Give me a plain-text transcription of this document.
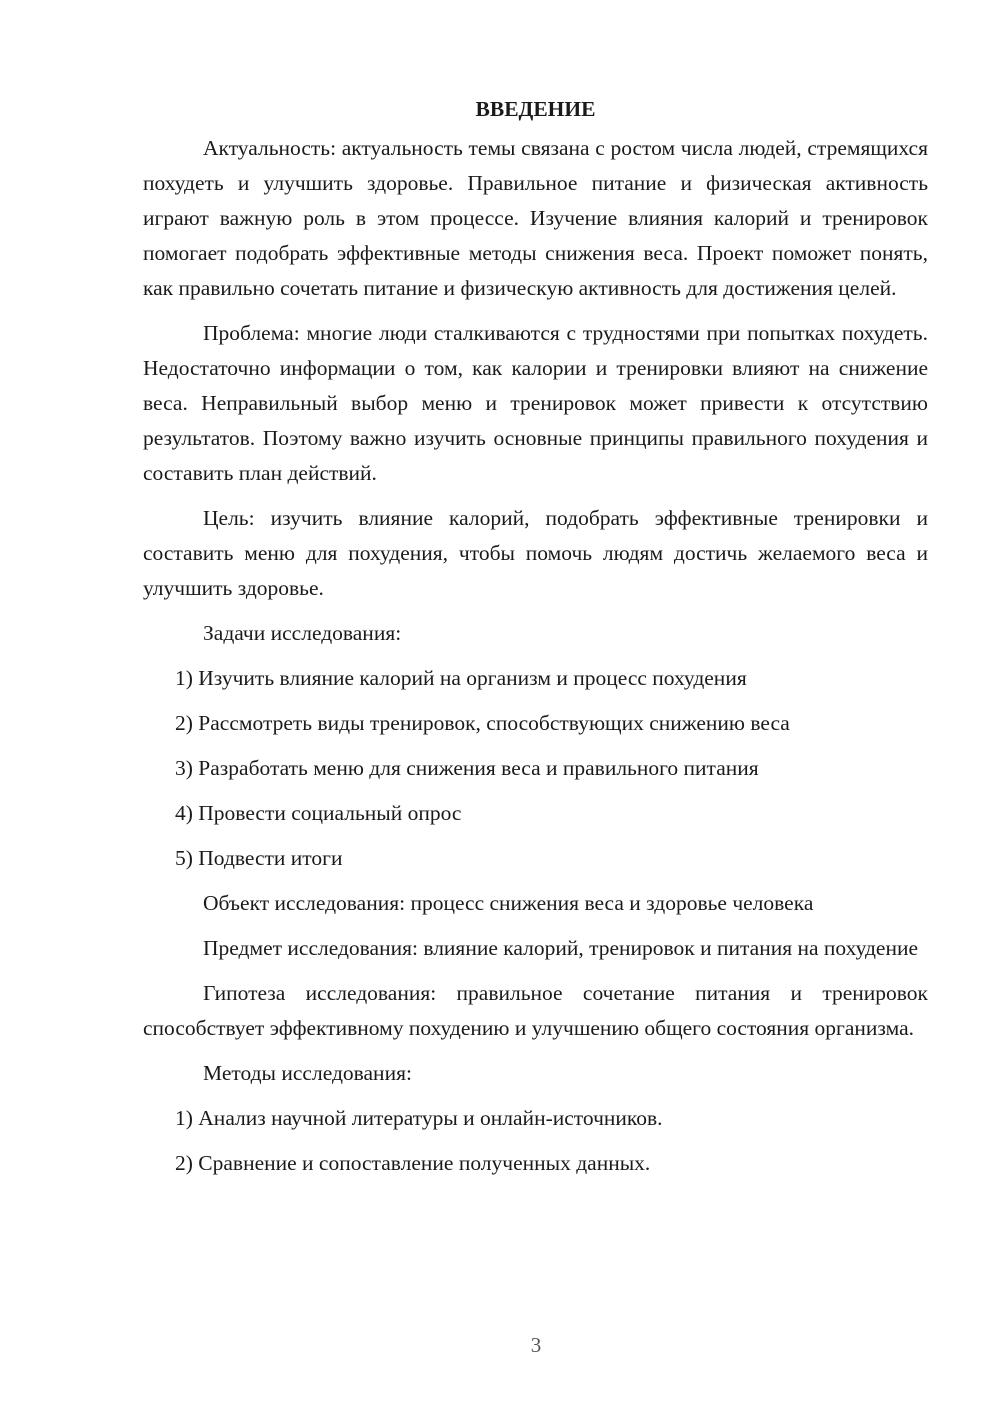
ВВЕДЕНИЕ

Актуальность: актуальность темы связана с ростом числа людей, стремящихся похудеть и улучшить здоровье. Правильное питание и физическая активность играют важную роль в этом процессе. Изучение влияния калорий и тренировок помогает подобрать эффективные методы снижения веса. Проект поможет понять, как правильно сочетать питание и физическую активность для достижения целей.

Проблема: многие люди сталкиваются с трудностями при попытках похудеть. Недостаточно информации о том, как калории и тренировки влияют на снижение веса. Неправильный выбор меню и тренировок может привести к отсутствию результатов. Поэтому важно изучить основные принципы правильного похудения и составить план действий.

Цель: изучить влияние калорий, подобрать эффективные тренировки и составить меню для похудения, чтобы помочь людям достичь желаемого веса и улучшить здоровье.

Задачи исследования:

1) Изучить влияние калорий на организм и процесс похудения

2) Рассмотреть виды тренировок, способствующих снижению веса

3) Разработать меню для снижения веса и правильного питания

4) Провести социальный опрос

5) Подвести итоги

Объект исследования: процесс снижения веса и здоровье человека

Предмет исследования: влияние калорий, тренировок и питания на похудение

Гипотеза исследования: правильное сочетание питания и тренировок способствует эффективному похудению и улучшению общего состояния организма.

Методы исследования:

1) Анализ научной литературы и онлайн-источников.

2) Сравнение и сопоставление полученных данных.

3
